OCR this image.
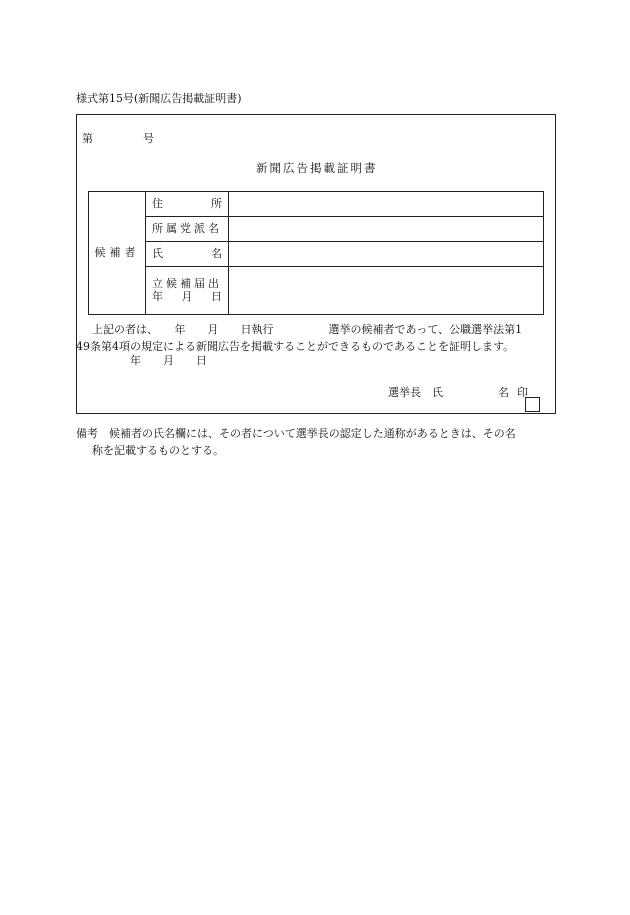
様式第15号(新聞広告掲載証明書)
第	号
新聞広告掲載証明書
候補者	住 所	

	所属党派名	

	氏 名	

	立候補届出
年 月 日	

上記の者は、　　年　　月　　日執行　　　　　選挙の候補者であって、公職選挙法第1
49条第4項の規定による新聞広告を掲載することができるものであることを証明します。
年　　月　　日
選挙長　氏　　　　　名 印
備考　候補者の氏名欄には、その者について選挙長の認定した通称があるときは、その名
称を記載するものとする。
